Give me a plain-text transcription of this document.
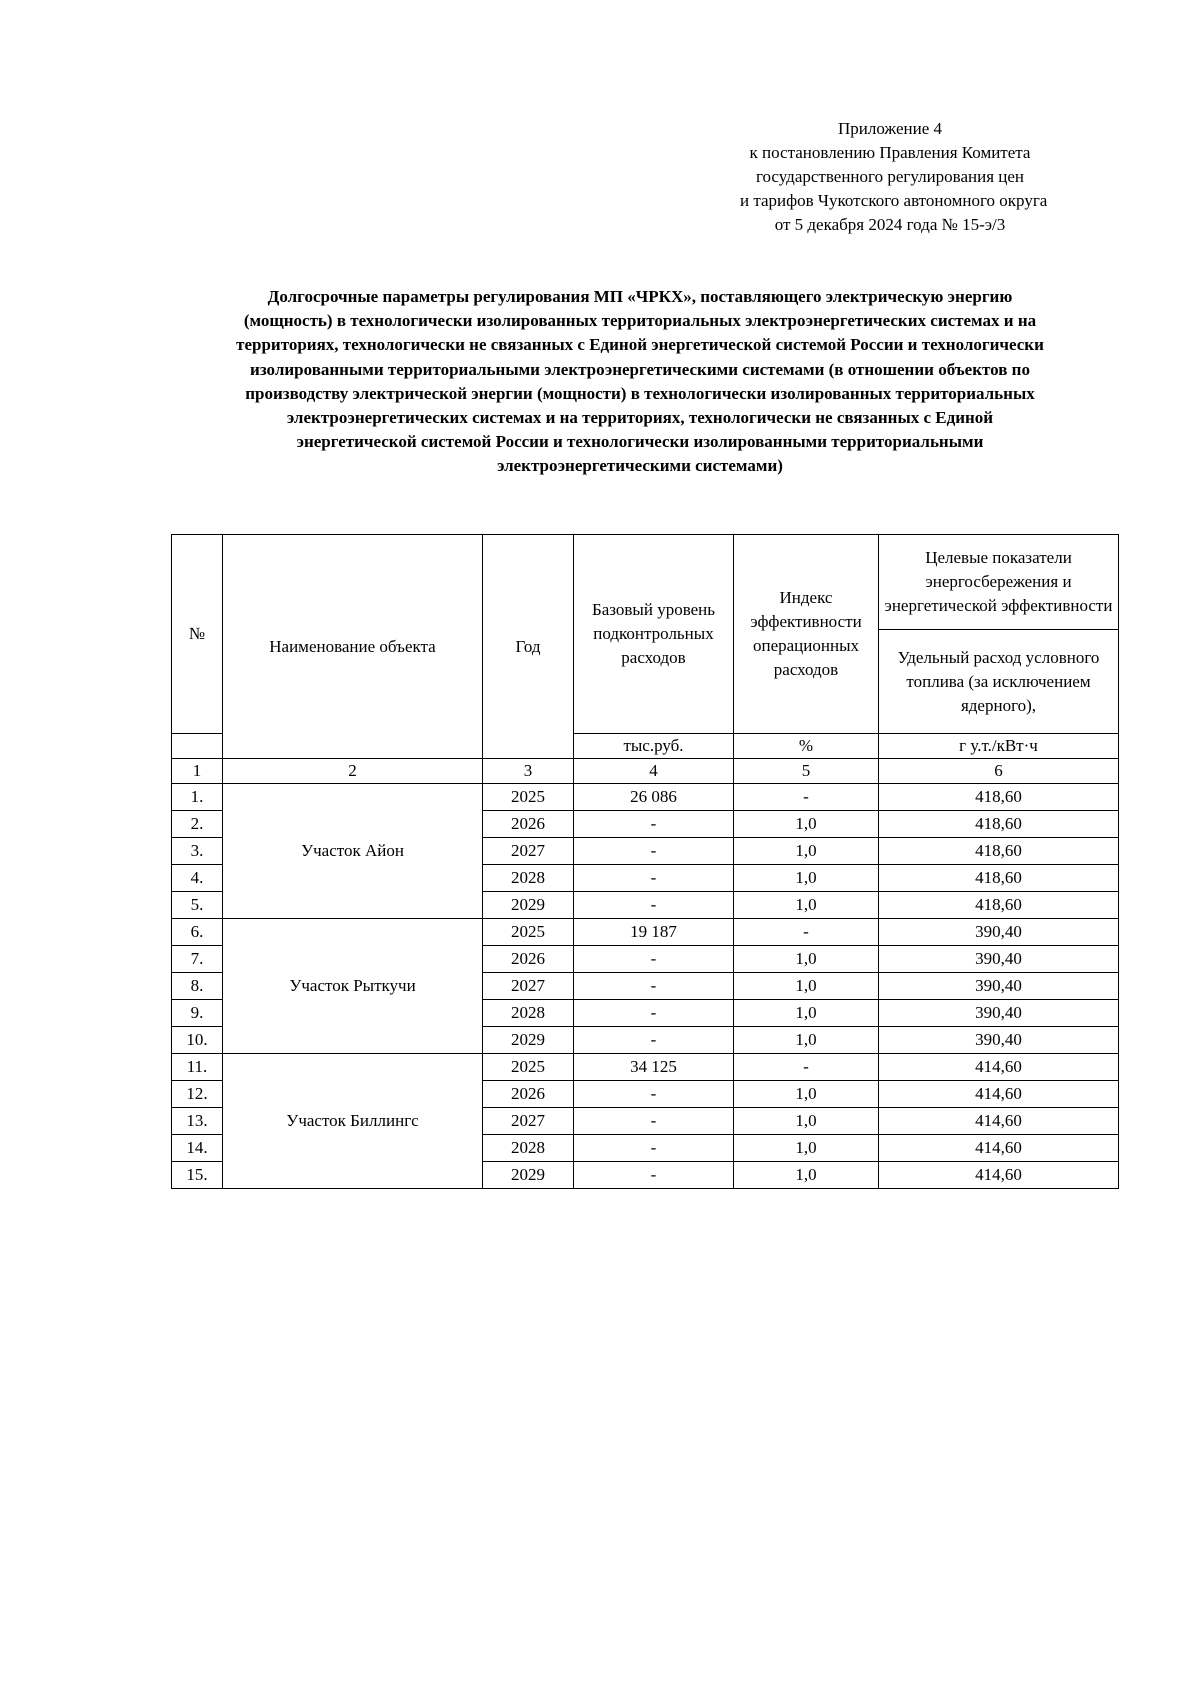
Приложение 4
к постановлению Правления Комитета
государственного регулирования цен
и тарифов Чукотского автономного округа
от 5 декабря 2024 года № 15-э/3
Долгосрочные параметры регулирования МП «ЧРКХ», поставляющего электрическую энергию
(мощность) в технологически изолированных территориальных электроэнергетических системах и на
территориях, технологически не связанных с Единой энергетической системой России и технологически
изолированными территориальными электроэнергетическими системами (в отношении объектов по
производству электрической энергии (мощности) в технологически изолированных территориальных
электроэнергетических системах и на территориях, технологически не связанных с Единой
энергетической системой России и технологически изолированными территориальными
электроэнергетическими системами)
№	Наименование объекта	Год	Базовый уровень подконтрольных расходов	Индекс эффективности операционных расходов	Целевые показатели энергосбережения и энергетической эффективности
					Удельный расход условного топлива (за исключением ядерного),
			тыс.руб.	%	г у.т./кВт·ч
1	2	3	4	5	6
1.	Участок Айон	2025	26 086	-	418,60
2.		2026	-	1,0	418,60
3.		2027	-	1,0	418,60
4.		2028	-	1,0	418,60
5.		2029	-	1,0	418,60
6.	Участок Рыткучи	2025	19 187	-	390,40
7.		2026	-	1,0	390,40
8.		2027	-	1,0	390,40
9.		2028	-	1,0	390,40
10.		2029	-	1,0	390,40
11.	Участок Биллингс	2025	34 125	-	414,60
12.		2026	-	1,0	414,60
13.		2027	-	1,0	414,60
14.		2028	-	1,0	414,60
15.		2029	-	1,0	414,60
